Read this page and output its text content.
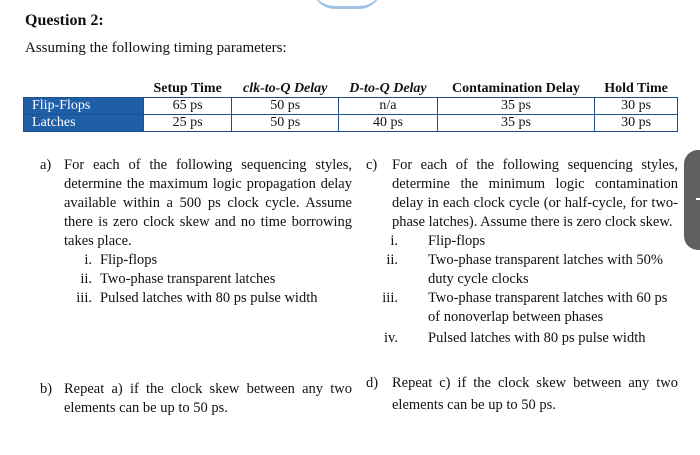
Question 2:
Assuming the following timing parameters:
	Setup Time	clk-to-Q Delay	D-to-Q Delay	Contamination Delay	Hold Time
Flip-Flops	65 ps	50 ps	n/a	35 ps	30 ps
Latches	25 ps	50 ps	40 ps	35 ps	30 ps
a) For each of the following sequencing styles, determine the maximum logic propagation delay available within a 500 ps clock cycle. Assume there is zero clock skew and no time borrowing takes place.
i. Flip-flops
ii. Two-phase transparent latches
iii. Pulsed latches with 80 ps pulse width
b) Repeat a) if the clock skew between any two elements can be up to 50 ps.
c) For each of the following sequencing styles, determine the minimum logic contamination delay in each clock cycle (or half-cycle, for two-phase latches). Assume there is zero clock skew.
i. Flip-flops
ii. Two-phase transparent latches with 50% duty cycle clocks
iii. Two-phase transparent latches with 60 ps of nonoverlap between phases
iv. Pulsed latches with 80 ps pulse width
d) Repeat c) if the clock skew between any two elements can be up to 50 ps.
